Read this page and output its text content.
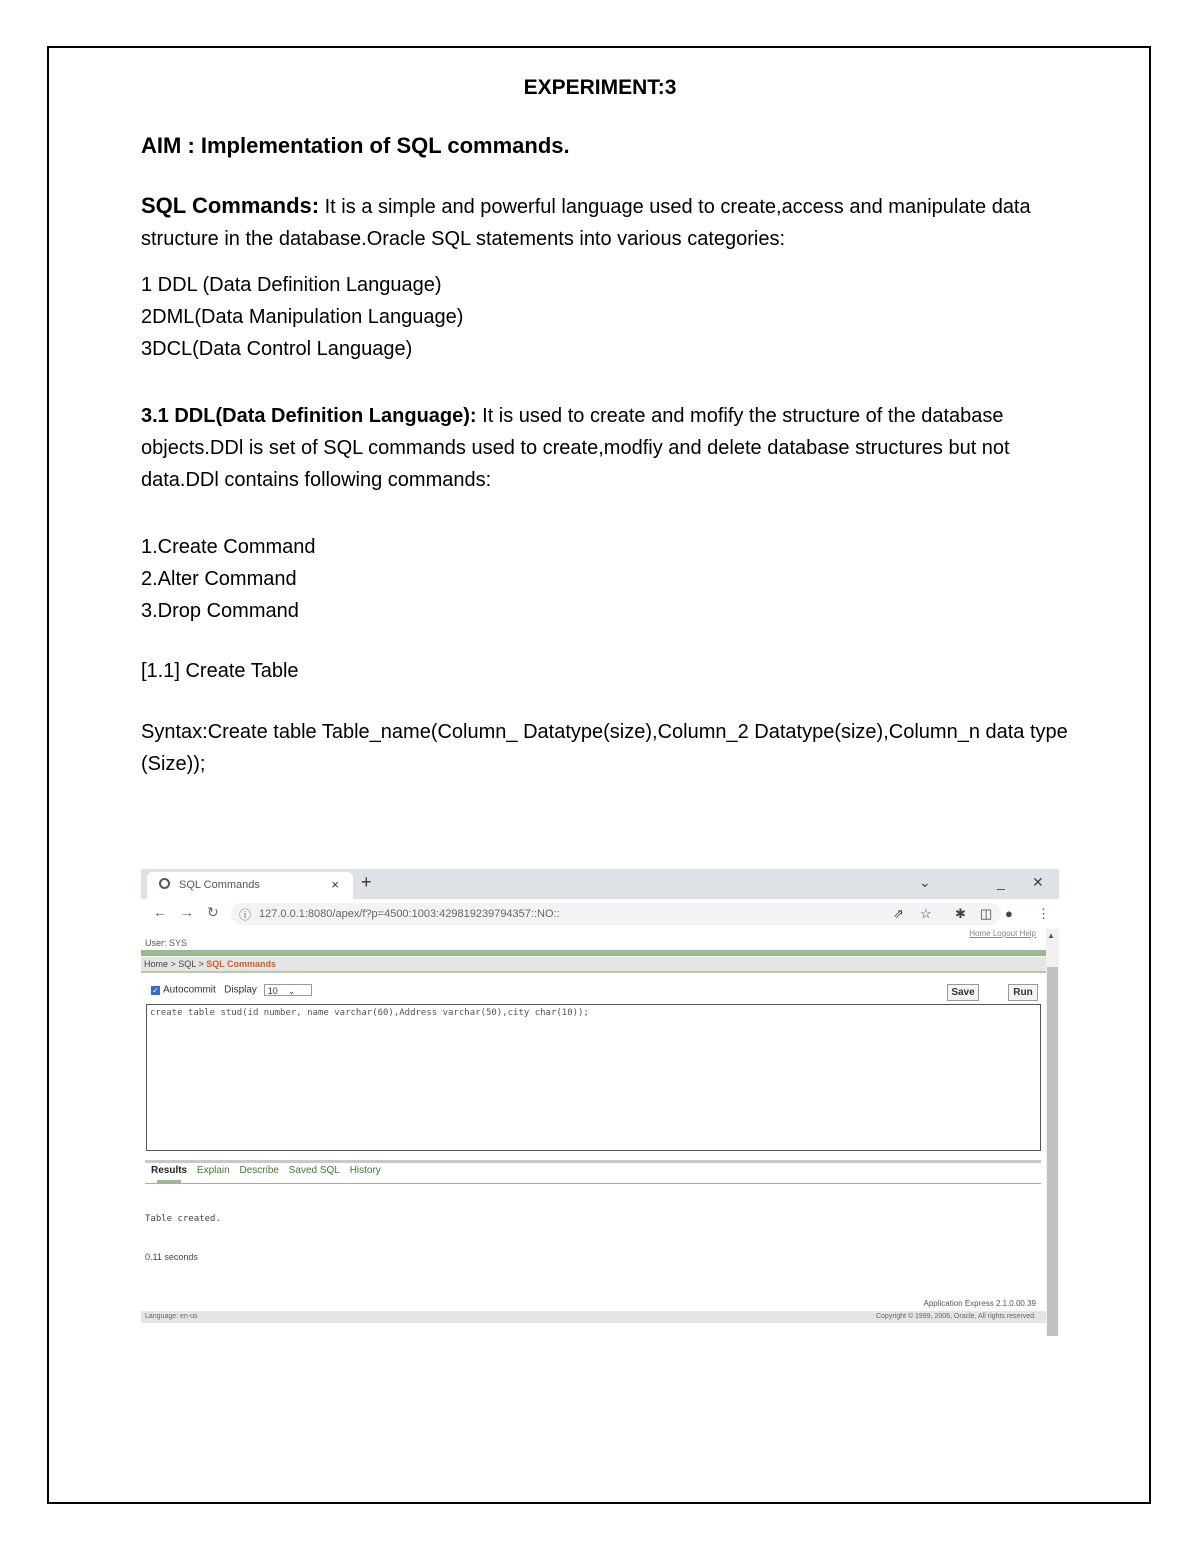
EXPERIMENT:3
AIM : Implementation of SQL commands.
SQL Commands: It is a simple and powerful language used to create,access and manipulate data structure in the database.Oracle SQL statements into various categories:
1 DDL (Data Definition Language)
2DML(Data Manipulation Language)
3DCL(Data Control Language)
3.1 DDL(Data Definition Language): It is used to create and mofify the structure of the database objects.DDl is set of SQL commands used to create,modfiy and delete database structures but not data.DDl contains following commands:
1.Create Command
2.Alter Command
3.Drop Command
[1.1] Create Table
Syntax:Create table Table_name(Column_ Datatype(size),Column_2 Datatype(size),Column_n data type (Size));
SQL Commands	× +	⌄	_ ✕
← → ↻ ⓘ 127.0.0.1:8080/apex/f?p=4500:1003:429819239794357::NO::	⇗ ☆ ✱ ◫ ● ⋮
Home Logout Help
User: SYS
Home > SQL > SQL Commands
✓ Autocommit Display 10    ⌄	Save	Run
create table stud(id number, name varchar(60),Address varchar(50),city char(10));
Results Explain Describe Saved SQL History
Table created.
0.11 seconds
Application Express 2.1.0.00.39
Language: en-us	Copyright © 1999, 2006, Oracle. All rights reserved.
▲
